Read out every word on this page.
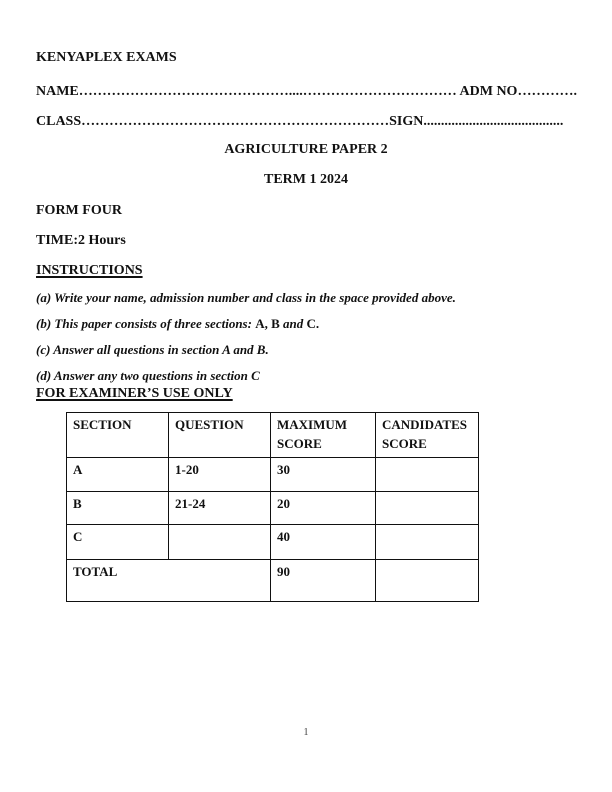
KENYAPLEX EXAMS
NAME………………………………………....…………………………… ADM NO………….
CLASS…………………………………………………………SIGN........................................
AGRICULTURE PAPER 2
TERM 1 2024
FORM FOUR
TIME:2 Hours
INSTRUCTIONS
(a) Write your name, admission number and class in the space provided above.
(b) This paper consists of three sections: A, B and C.
(c) Answer all questions in section A and B.
(d) Answer any two questions in section C
FOR EXAMINER’S USE ONLY
SECTION	QUESTION	MAXIMUM SCORE	CANDIDATES SCORE
A	1-20	30	
B	21-24	20	
C		40	
TOTAL		90	
1
